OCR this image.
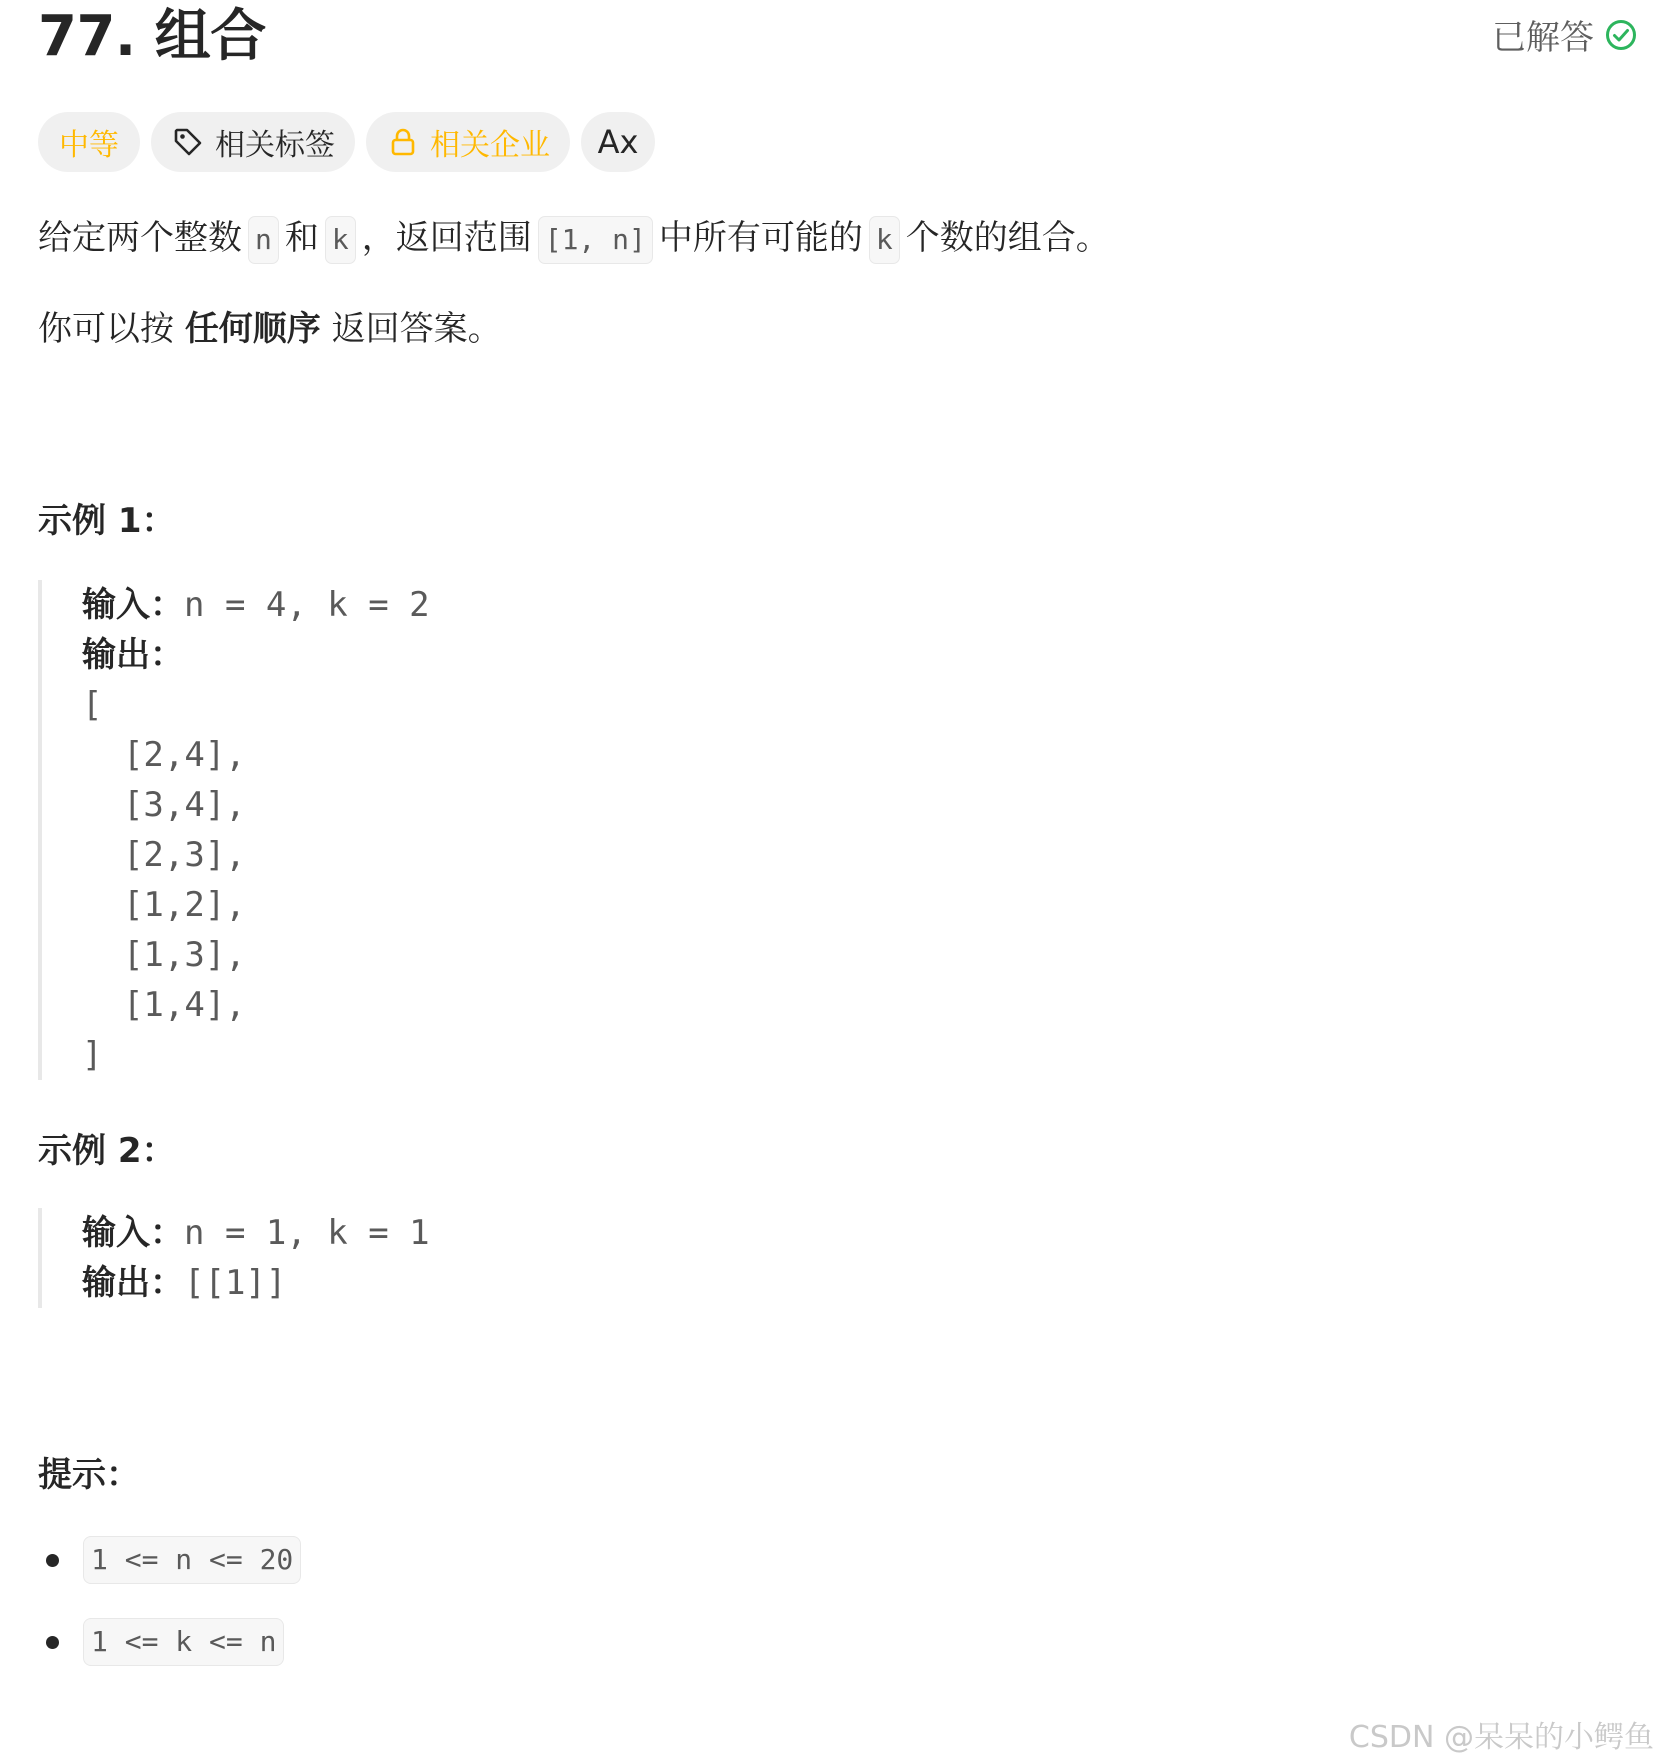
77. 组合	已解答
中等	相关标签	相关企业 Ax

给定两个整数 n 和 k ，返回范围 [1, n] 中所有可能的 k 个数的组合。

你可以按 任何顺序 返回答案。

示例 1：
输入：n = 4, k = 2
输出：
[
[2,4],
[3,4],
[2,3],
[1,2],
[1,3],
[1,4],
]
示例 2：
输入：n = 1, k = 1
输出：[[1]]
提示：
1 <= n <= 20
1 <= k <= n
CSDN @呆呆的小鳄鱼
